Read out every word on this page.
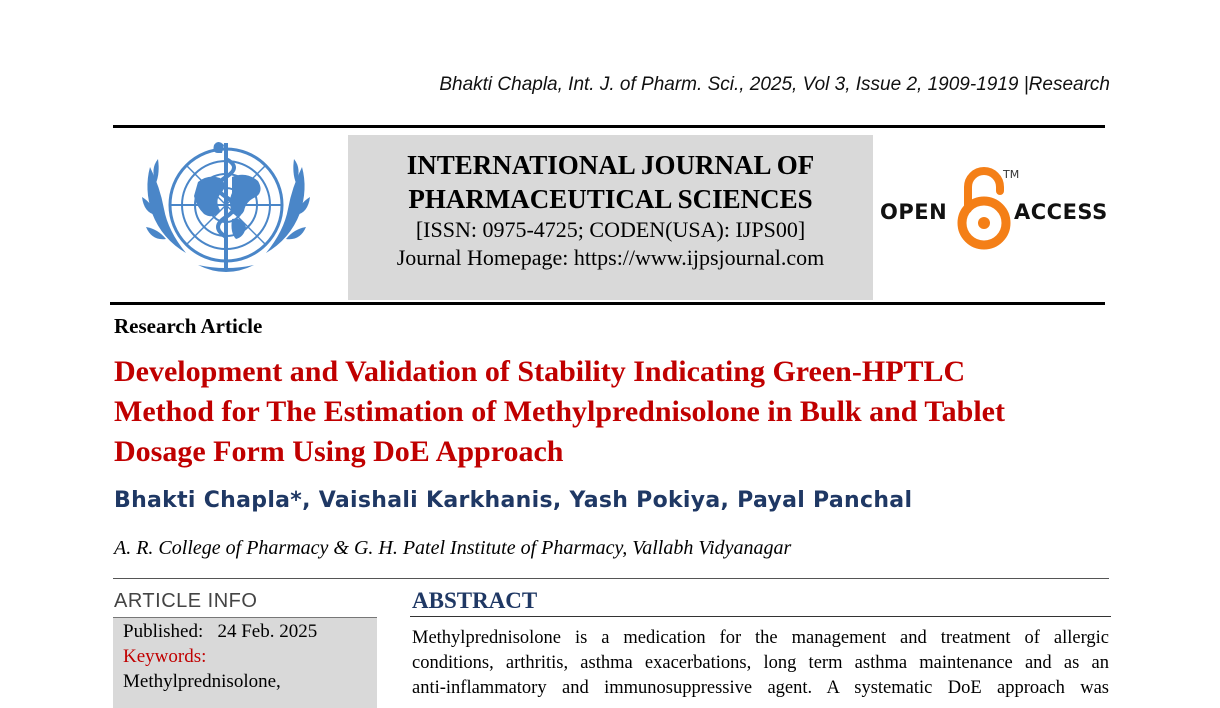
Bhakti Chapla, Int. J. of Pharm. Sci., 2025, Vol 3, Issue 2, 1909-1919 |Research
INTERNATIONAL JOURNAL OF
PHARMACEUTICAL SCIENCES
[ISSN: 0975-4725; CODEN(USA): IJPS00]
Journal Homepage: https://www.ijpsjournal.com
OPEN
TM
ACCESS
Research Article
Development and Validation of Stability Indicating Green-HPTLC
Method for The Estimation of Methylprednisolone in Bulk and Tablet
Dosage Form Using DoE Approach
Bhakti Chapla*, Vaishali Karkhanis, Yash Pokiya, Payal Panchal
A. R. College of Pharmacy & G. H. Patel Institute of Pharmacy, Vallabh Vidyanagar
ARTICLE INFO
Published: 24 Feb. 2025
Keywords:
Methylprednisolone,
ABSTRACT
Methylprednisolone is a medication for the management and treatment of allergic
conditions, arthritis, asthma exacerbations, long term asthma maintenance and as an
anti-inflammatory and immunosuppressive agent. A systematic DoE approach was
